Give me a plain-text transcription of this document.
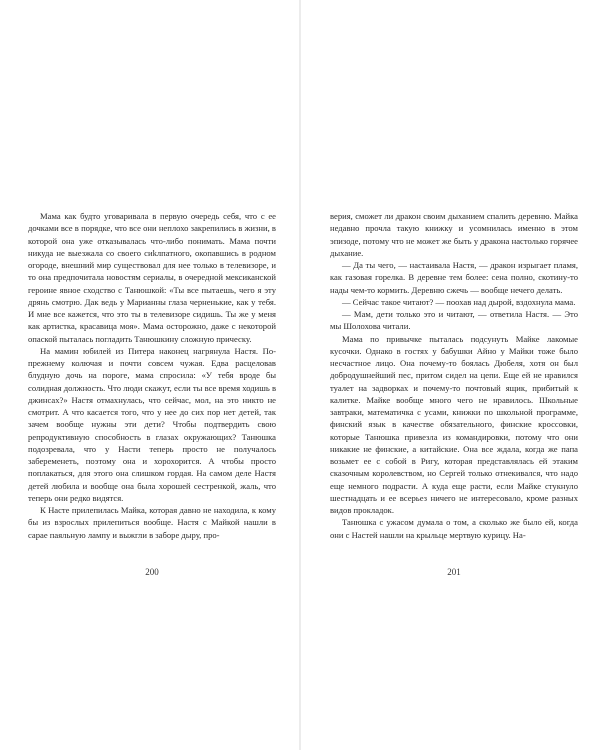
Мама как будто уговаривала в первую очередь себя, что с ее дочками все в порядке, что все они неплохо закрепились в жизни, в которой она уже отказывалась что-либо понимать. Мама почти никуда не выезжала со своего сиkлпатного, окопавшись в родном огороде, внешний мир существовал для нее только в телевизоре, и то она предпочитала новостям сериалы, в очередной мексиканской героине явное сходство с Танюшкой: «Ты все пытаешь, чего я эту дрянь смотрю. Дак ведь у Марианны глаза черненькие, как у тебя. И мне все кажется, что это ты в телевизоре сидишь. Ты же у меня как артистка, красавица моя». Мама осторожно, даже с некоторой опаской пыталась погладить Танюшкину сложную прическу.

На мамин юбилей из Питера наконец нагрянула Настя. По-прежнему колючая и почти совсем чужая. Едва расцеловав блудную дочь на пороге, мама спросила: «У тебя вроде бы солидная должность. Что люди скажут, если ты все время ходишь в джинсах?» Настя отмахнулась, что сейчас, мол, на это никто не смотрит. А что касается того, что у нее до сих пор нет детей, так зачем вообще нужны эти дети? Чтобы подтвердить свою репродуктивную способность в глазах окружающих? Танюшка подозревала, что у Насти теперь просто не получалось забеременеть, поэтому она и хорохорится. А чтобы просто поплакаться, для этого она слишком гордая. На самом деле Настя детей любила и вообще она была хорошей сестренкой, жаль, что теперь они редко видятся.

К Насте прилепилась Майка, которая давно не находила, к кому бы из взрослых прилепиться вообще. Настя с Майкой нашли в сарае паяльную лампу и выжгли в заборе дыру, про-

верия, сможет ли дракон своим дыханием спалить деревню. Майка недавно прочла такую книжку и усомнилась именно в этом эпизоде, потому что не может же быть у дракона настолько горячее дыхание.

— Да ты чего, — настаивала Настя, — дракон изрыгает пламя, как газовая горелка. В деревне тем более: сена полно, скотину-то нады чем-то кормить. Деревню сжечь — вообще нечего делать.

— Сейчас такое читают? — поохав над дырой, вздохнула мама.

— Мам, дети только это и читают, — ответила Настя. — Это мы Шолохова читали.

Мама по привычке пыталась подсунуть Майке лакомые кусочки. Однако в гостях у бабушки Айно у Майки тоже было несчастное лицо. Она почему-то боялась Дюбеля, хотя он был добродушнейший пес, притом сидел на цепи. Еще ей не нравился туалет на задворках и почему-то почтовый ящик, прибитый к калитке. Майке вообще много чего не нравилось. Школьные завтраки, математичка с усами, книжки по школьной программе, финский язык в качестве обязательного, финские кроссовки, которые Танюшка привезла из командировки, потому что они никакие не финские, а китайские. Она все ждала, когда же папа возьмет ее с собой в Ригу, которая представлялась ей этаким сказочным королевством, но Сергей только отнекивался, что надо еще немного подрасти. А куда еще расти, если Майке стукнуло шестнадцать и ее всерьез ничего не интересовало, кроме разных видов прокладок.

Танюшка с ужасом думала о том, а сколько же было ей, когда они с Настей нашли на крыльце мертвую курицу. На-

200	201
